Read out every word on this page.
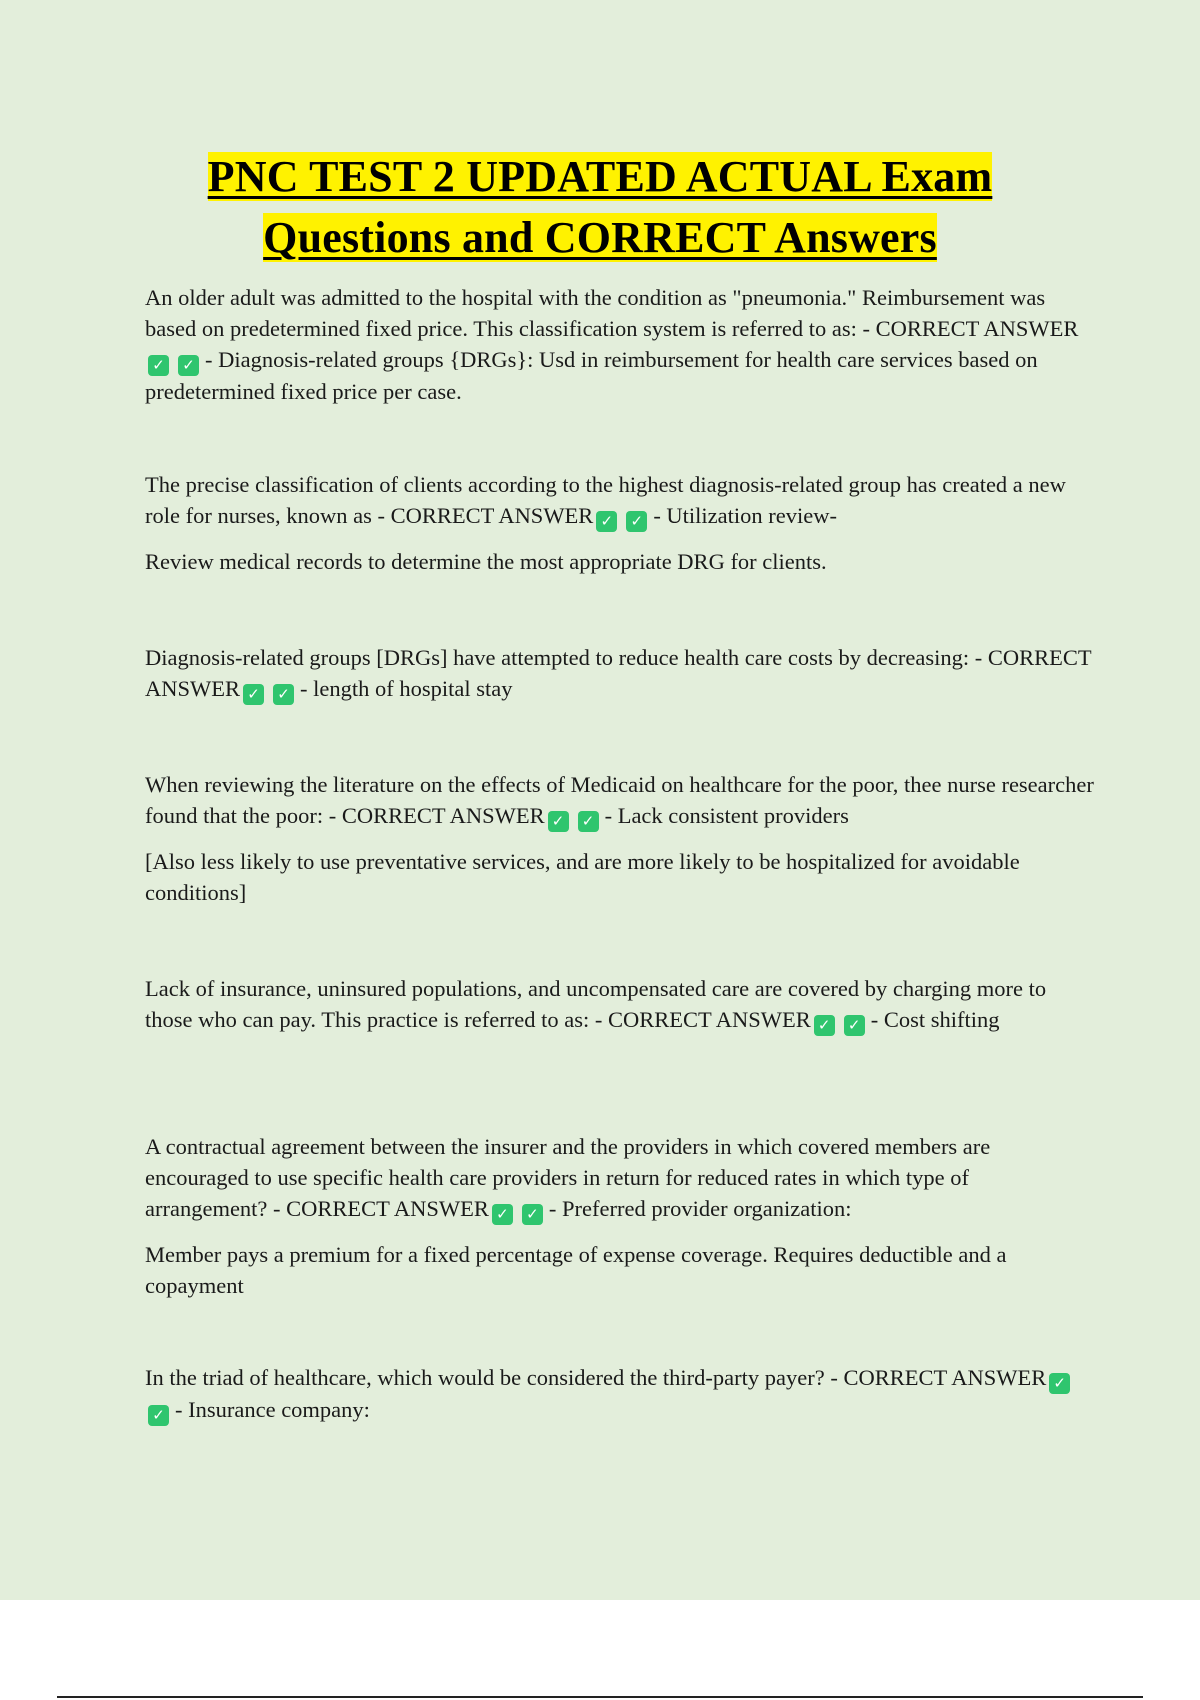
PNC TEST 2 UPDATED ACTUAL Exam
Questions and CORRECT Answers

An older adult was admitted to the hospital with the condition as "pneumonia." Reimbursement was based on predetermined fixed price. This classification system is referred to as: - CORRECT ANSWER✓ ✓ - Diagnosis-related groups {DRGs}: Usd in reimbursement for health care services based on predetermined fixed price per case.

The precise classification of clients according to the highest diagnosis-related group has created a new role for nurses, known as - CORRECT ANSWER ✓ ✓ - Utilization review-

Review medical records to determine the most appropriate DRG for clients.

Diagnosis-related groups [DRGs] have attempted to reduce health care costs by decreasing: - CORRECT ANSWER ✓ ✓ - length of hospital stay

When reviewing the literature on the effects of Medicaid on healthcare for the poor, thee nurse researcher found that the poor: - CORRECT ANSWER ✓ ✓ - Lack consistent providers

[Also less likely to use preventative services, and are more likely to be hospitalized for avoidable conditions]

Lack of insurance, uninsured populations, and uncompensated care are covered by charging more to those who can pay. This practice is referred to as: - CORRECT ANSWER ✓ ✓ - Cost shifting

A contractual agreement between the insurer and the providers in which covered members are encouraged to use specific health care providers in return for reduced rates in which type of arrangement? - CORRECT ANSWER ✓ ✓ - Preferred provider organization:

Member pays a premium for a fixed percentage of expense coverage. Requires deductible and a copayment

In the triad of healthcare, which would be considered the third-party payer? - CORRECT ANSWER ✓✓ - Insurance company:
